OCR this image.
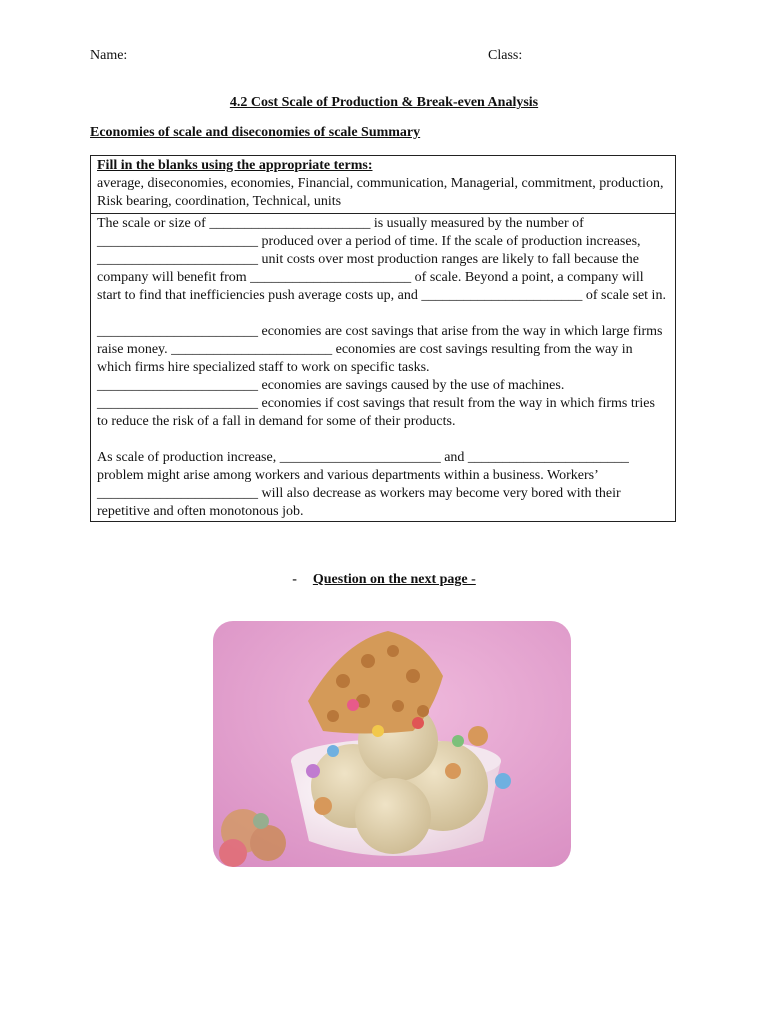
Name:	Class:
4.2 Cost Scale of Production & Break-even Analysis
Economies of scale and diseconomies of scale Summary
Fill in the blanks using the appropriate terms:
average, diseconomies, economies, Financial, communication, Managerial, commitment, production, Risk bearing, coordination, Technical, units

The scale or size of _______________________ is usually measured by the number of _______________________ produced over a period of time. If the scale of production increases, _______________________ unit costs over most production ranges are likely to fall because the company will benefit from _______________________ of scale. Beyond a point, a company will start to find that inefficiencies push average costs up, and _______________________ of scale set in.

_______________________ economies are cost savings that arise from the way in which large firms raise money. _______________________ economies are cost savings resulting from the way in which firms hire specialized staff to work on specific tasks.

_______________________ economies are savings caused by the use of machines.

_______________________ economies if cost savings that result from the way in which firms tries to reduce the risk of a fall in demand for some of their products.

As scale of production increase, _______________________ and _______________________ problem might arise among workers and various departments within a business. Workers’ _______________________ will also decrease as workers may become very bored with their repetitive and often monotonous job.

- Question on the next page -
